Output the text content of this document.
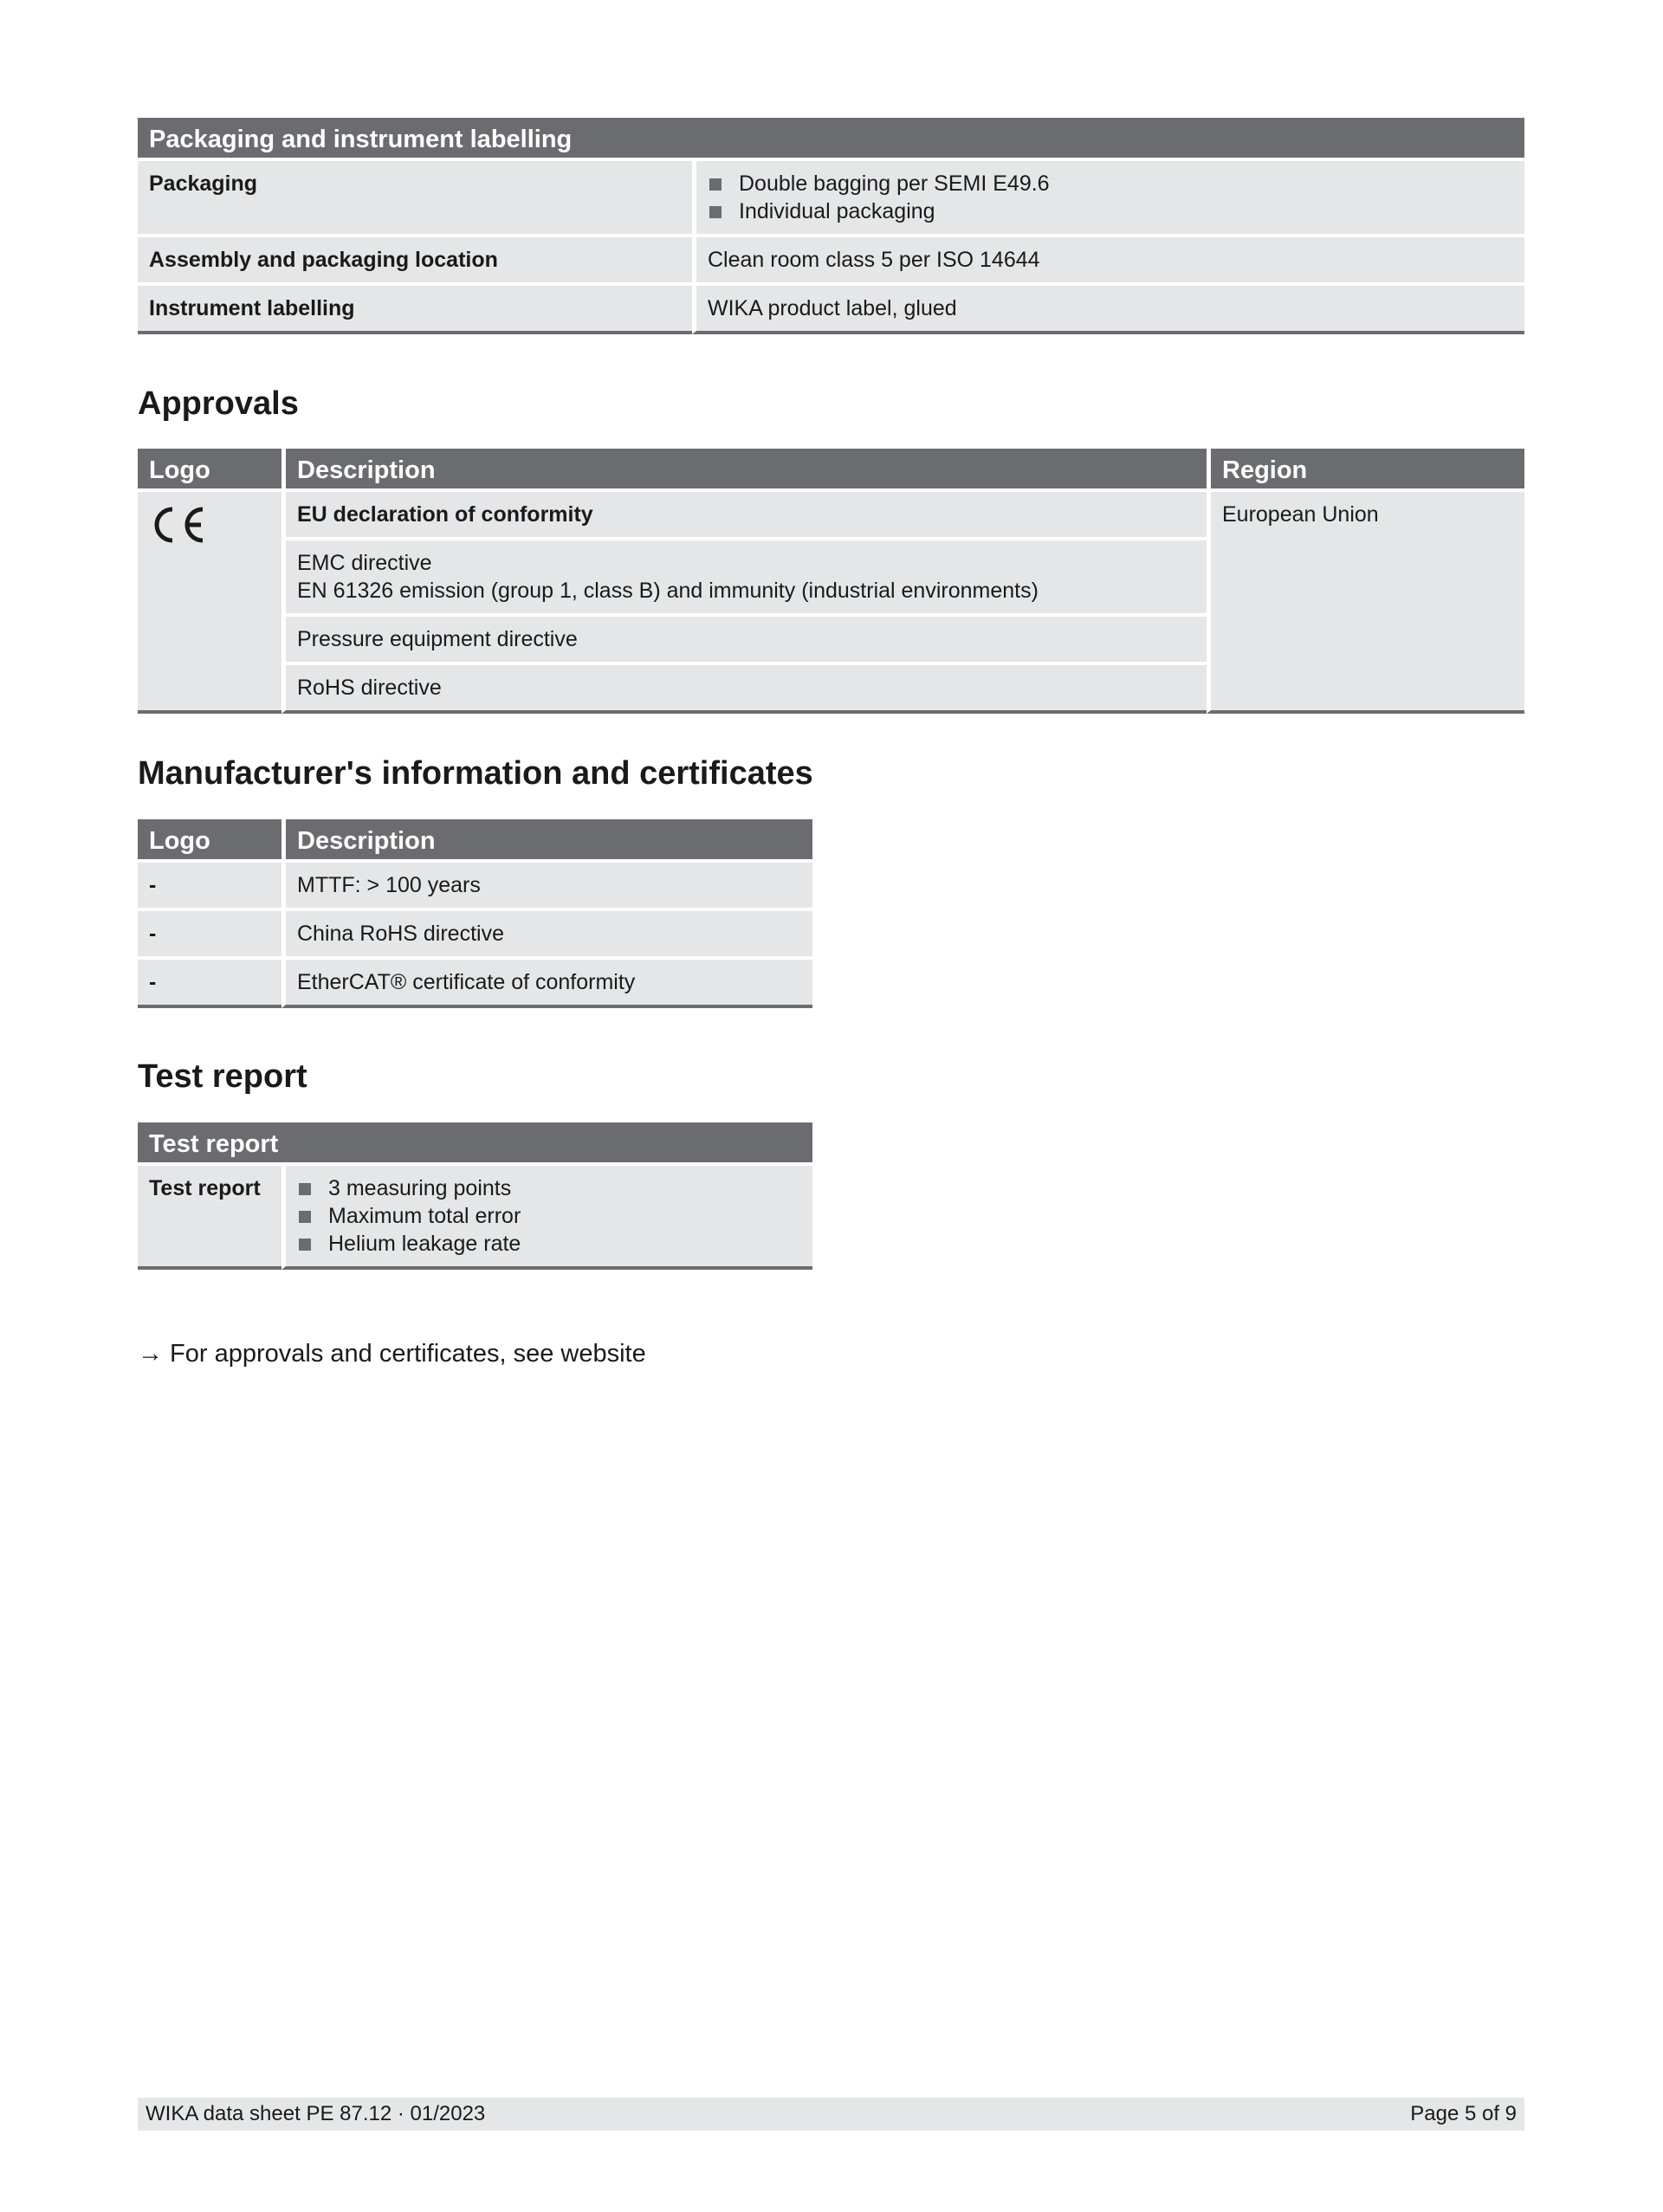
Packaging and instrument labelling	
Packaging	Double bagging per SEMI E49.6
Individual packaging

Assembly and packaging location	Clean room class 5 per ISO 14644
Instrument labelling	WIKA product label, glued
Approvals
Logo	Description	Region

	EU declaration of conformity	European Union

	EMC directive
EN 61326 emission (group 1, class B) and immunity (industrial environments)	

	Pressure equipment directive	
	RoHS directive	
Manufacturer's information and certificates
Logo	Description
-	MTTF: > 100 years
-	China RoHS directive
-	EtherCAT® certificate of conformity
Test report
Test report
Test report	3 measuring points
Maximum total error
Helium leakage rate
→ For approvals and certificates, see website
WIKA data sheet PE 87.12 · 01/2023	Page 5 of 9
